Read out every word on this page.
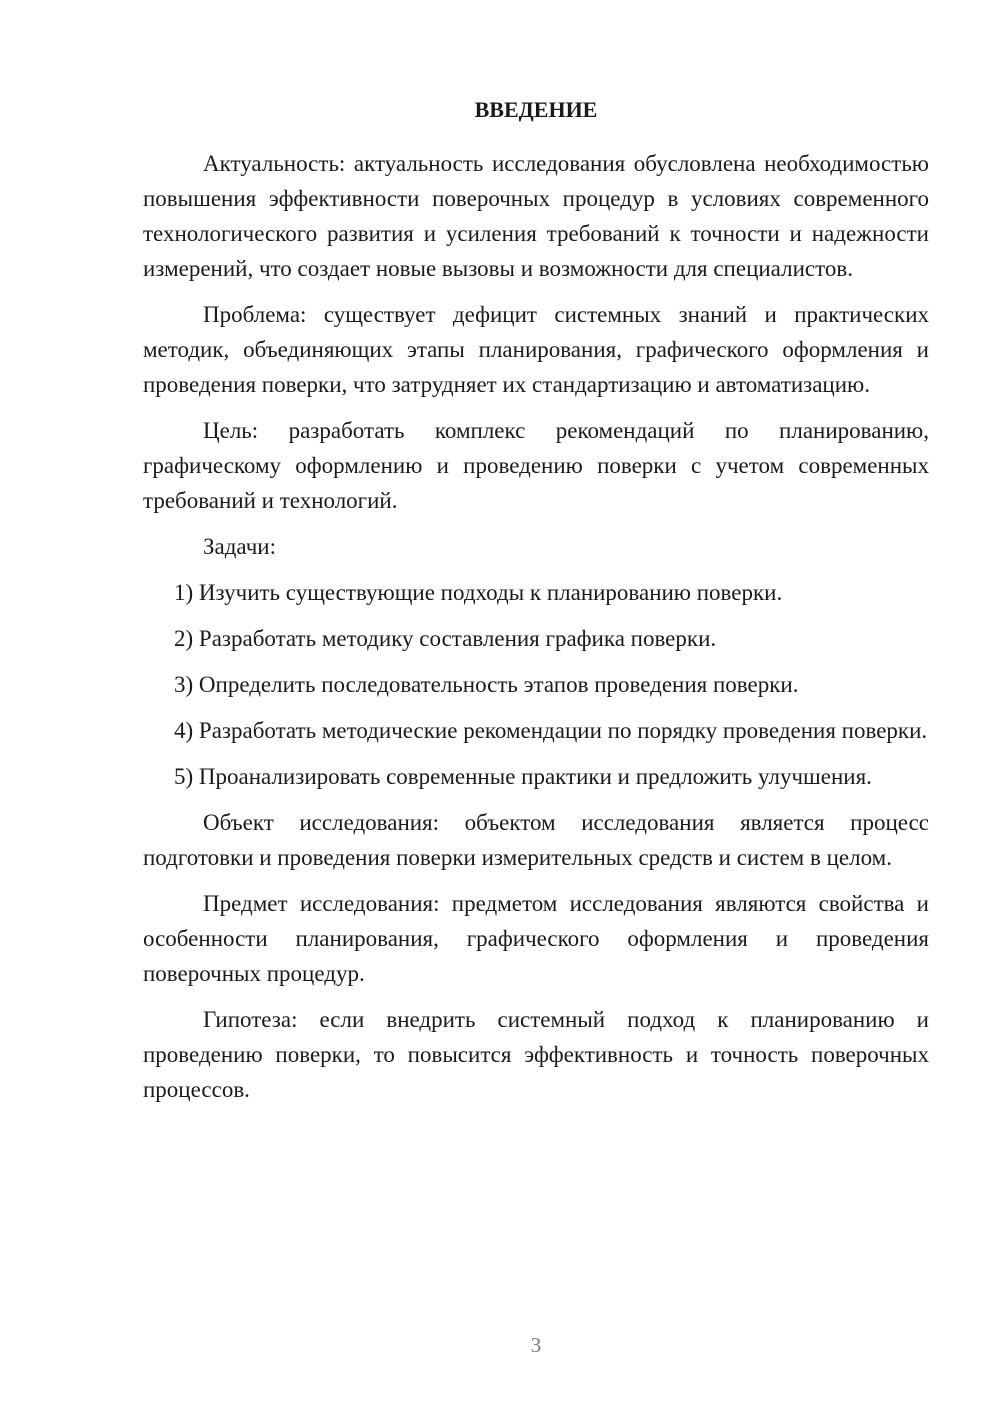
ВВЕДЕНИЕ

Актуальность: актуальность исследования обусловлена необходимостью повышения эффективности поверочных процедур в условиях современного технологического развития и усиления требований к точности и надежности измерений, что создает новые вызовы и возможности для специалистов.

Проблема: существует дефицит системных знаний и практических методик, объединяющих этапы планирования, графического оформления и проведения поверки, что затрудняет их стандартизацию и автоматизацию.

Цель: разработать комплекс рекомендаций по планированию, графическому оформлению и проведению поверки с учетом современных требований и технологий.

Задачи:

1) Изучить существующие подходы к планированию поверки.

2) Разработать методику составления графика поверки.

3) Определить последовательность этапов проведения поверки.

4) Разработать методические рекомендации по порядку проведения поверки.

5) Проанализировать современные практики и предложить улучшения.

Объект исследования: объектом исследования является процесс подготовки и проведения поверки измерительных средств и систем в целом.

Предмет исследования: предметом исследования являются свойства и особенности планирования, графического оформления и проведения поверочных процедур.

Гипотеза: если внедрить системный подход к планированию и проведению поверки, то повысится эффективность и точность поверочных процессов.

3
